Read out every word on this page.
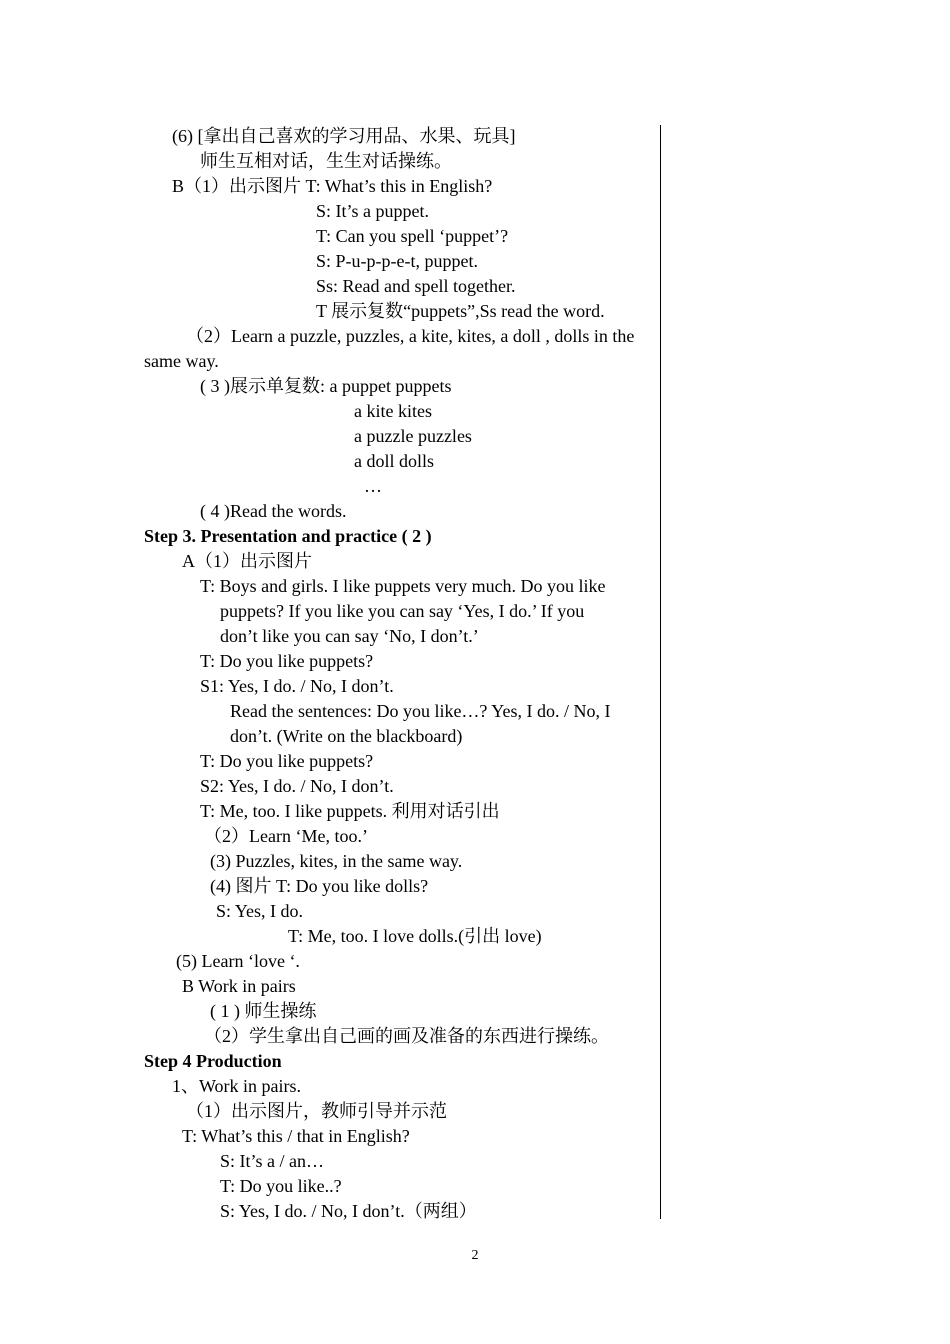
(6) [拿出自己喜欢的学习用品、水果、玩具]
师生互相对话，生生对话操练。
B（1）出示图片 T: What’s this in English?
S: It’s a puppet.
T: Can you spell ‘puppet’?
S: P-u-p-p-e-t, puppet.
Ss: Read and spell together.
T 展示复数“puppets”,Ss read the word.
（2）Learn a puzzle, puzzles, a kite, kites, a doll , dolls in the
same way.
( 3 )展示单复数: a puppet puppets
a kite kites
a puzzle puzzles
a doll dolls
…
( 4 )Read the words.
Step 3. Presentation and practice ( 2 )
A（1）出示图片
T: Boys and girls. I like puppets very much. Do you like
puppets? If you like you can say ‘Yes, I do.’ If you
don’t like you can say ‘No, I don’t.’
T: Do you like puppets?
S1: Yes, I do. / No, I don’t.
Read the sentences: Do you like…? Yes, I do. / No, I
don’t. (Write on the blackboard)
T: Do you like puppets?
S2: Yes, I do. / No, I don’t.
T: Me, too. I like puppets. 利用对话引出
（2）Learn ‘Me, too.’
(3) Puzzles, kites, in the same way.
(4) 图片 T: Do you like dolls?
S: Yes, I do.
T: Me, too. I love dolls.(引出 love)
(5) Learn ‘love ‘.
B Work in pairs
( 1 ) 师生操练
（2）学生拿出自己画的画及准备的东西进行操练。
Step 4 Production
1、Work in pairs.
（1）出示图片，教师引导并示范
T: What’s this / that in English?
S: It’s a / an…
T: Do you like..?
S: Yes, I do. / No, I don’t.（两组）
2
